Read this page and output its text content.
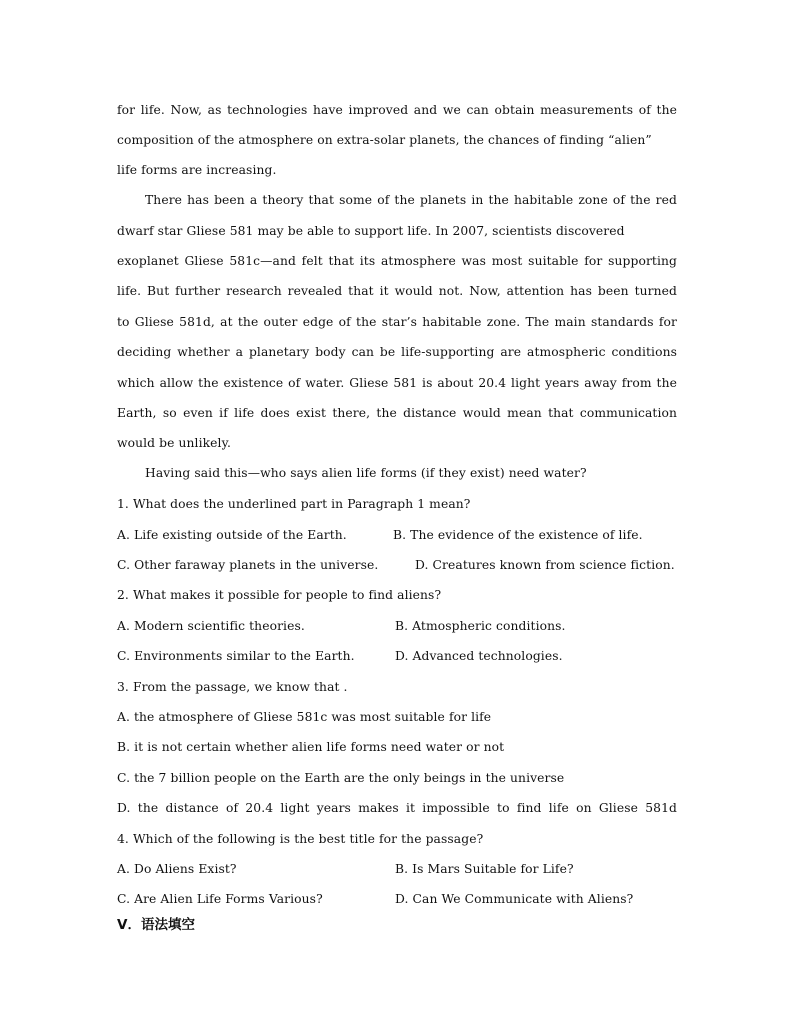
for life. Now, as technologies have improved and we can obtain measurements of the
composition of the atmosphere on extra-solar planets, the chances of finding “alien”
life forms are increasing.
There has been a theory that some of the planets in the habitable zone of the red
dwarf star Gliese 581 may be able to support life. In 2007, scientists discovered
exoplanet Gliese 581c—and felt that its atmosphere was most suitable for supporting
life. But further research revealed that it would not. Now, attention has been turned
to Gliese 581d, at the outer edge of the star’s habitable zone. The main standards for
deciding whether a planetary body can be life-supporting are atmospheric conditions
which allow the existence of water. Gliese 581 is about 20.4 light years away from the
Earth, so even if life does exist there, the distance would mean that communication
would be unlikely.
Having said this—who says alien life forms (if they exist) need water?
1. What does the underlined part in Paragraph 1 mean?
A. Life existing outside of the Earth.	B. The evidence of the existence of life.
C. Other faraway planets in the universe.	D. Creatures known from science fiction.
2. What makes it possible for people to find aliens?
A. Modern scientific theories.	B. Atmospheric conditions.
C. Environments similar to the Earth.	D. Advanced technologies.
3. From the passage, we know that .
A. the atmosphere of Gliese 581c was most suitable for life
B. it is not certain whether alien life forms need water or not
C. the 7 billion people on the Earth are the only beings in the universe
D. the distance of 20.4 light years makes it impossible to find life on Gliese 581d
4. Which of the following is the best title for the passage?
A. Do Aliens Exist?	B. Is Mars Suitable for Life?
C. Are Alien Life Forms Various?	D. Can We Communicate with Aliens?
V．语法填空
